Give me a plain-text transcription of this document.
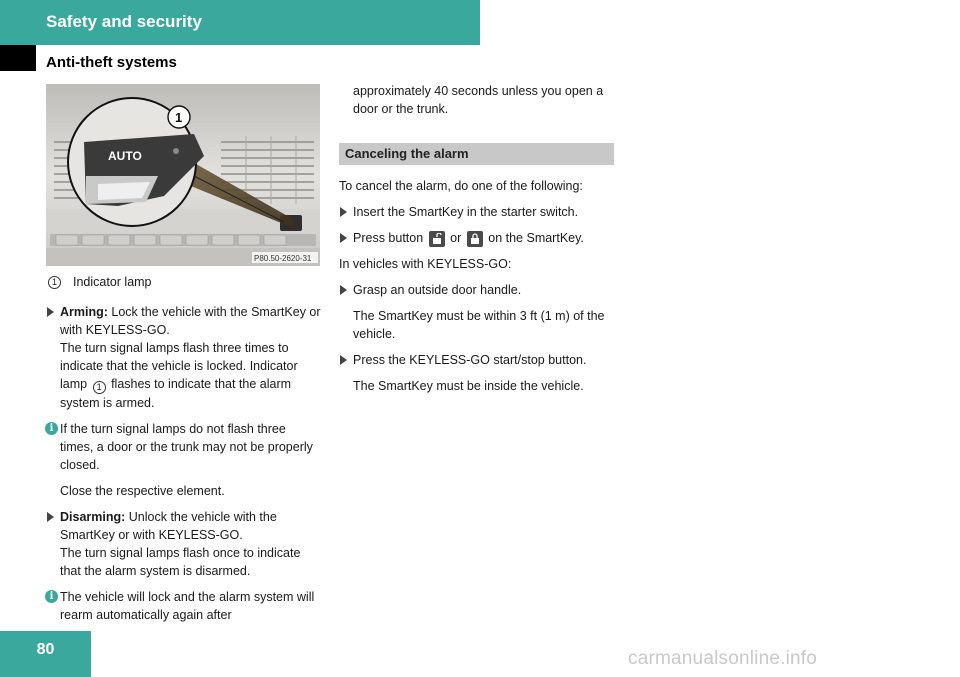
Safety and security
Anti-theft systems
AUTO
1
P80.50-2620-31
1	Indicator lamp
Arming: Lock the vehicle with the SmartKey or with KEYLESS-GO.
The turn signal lamps flash three times to indicate that the vehicle is locked. Indicator lamp 1 flashes to indicate that the alarm system is armed.
i If the turn signal lamps do not flash three times, a door or the trunk may not be properly closed.
Close the respective element.
Disarming: Unlock the vehicle with the SmartKey or with KEYLESS-GO.
The turn signal lamps flash once to indicate that the alarm system is disarmed.
i The vehicle will lock and the alarm system will rearm automatically again after
approximately 40 seconds unless you open a door or the trunk.
Canceling the alarm
To cancel the alarm, do one of the following:
Insert the SmartKey in the starter switch.
Press button or on the SmartKey.
In vehicles with KEYLESS-GO:
Grasp an outside door handle.
The SmartKey must be within 3 ft (1 m) of the vehicle.
Press the KEYLESS-GO start/stop button.
The SmartKey must be inside the vehicle.
80	carmanualsonline.info
